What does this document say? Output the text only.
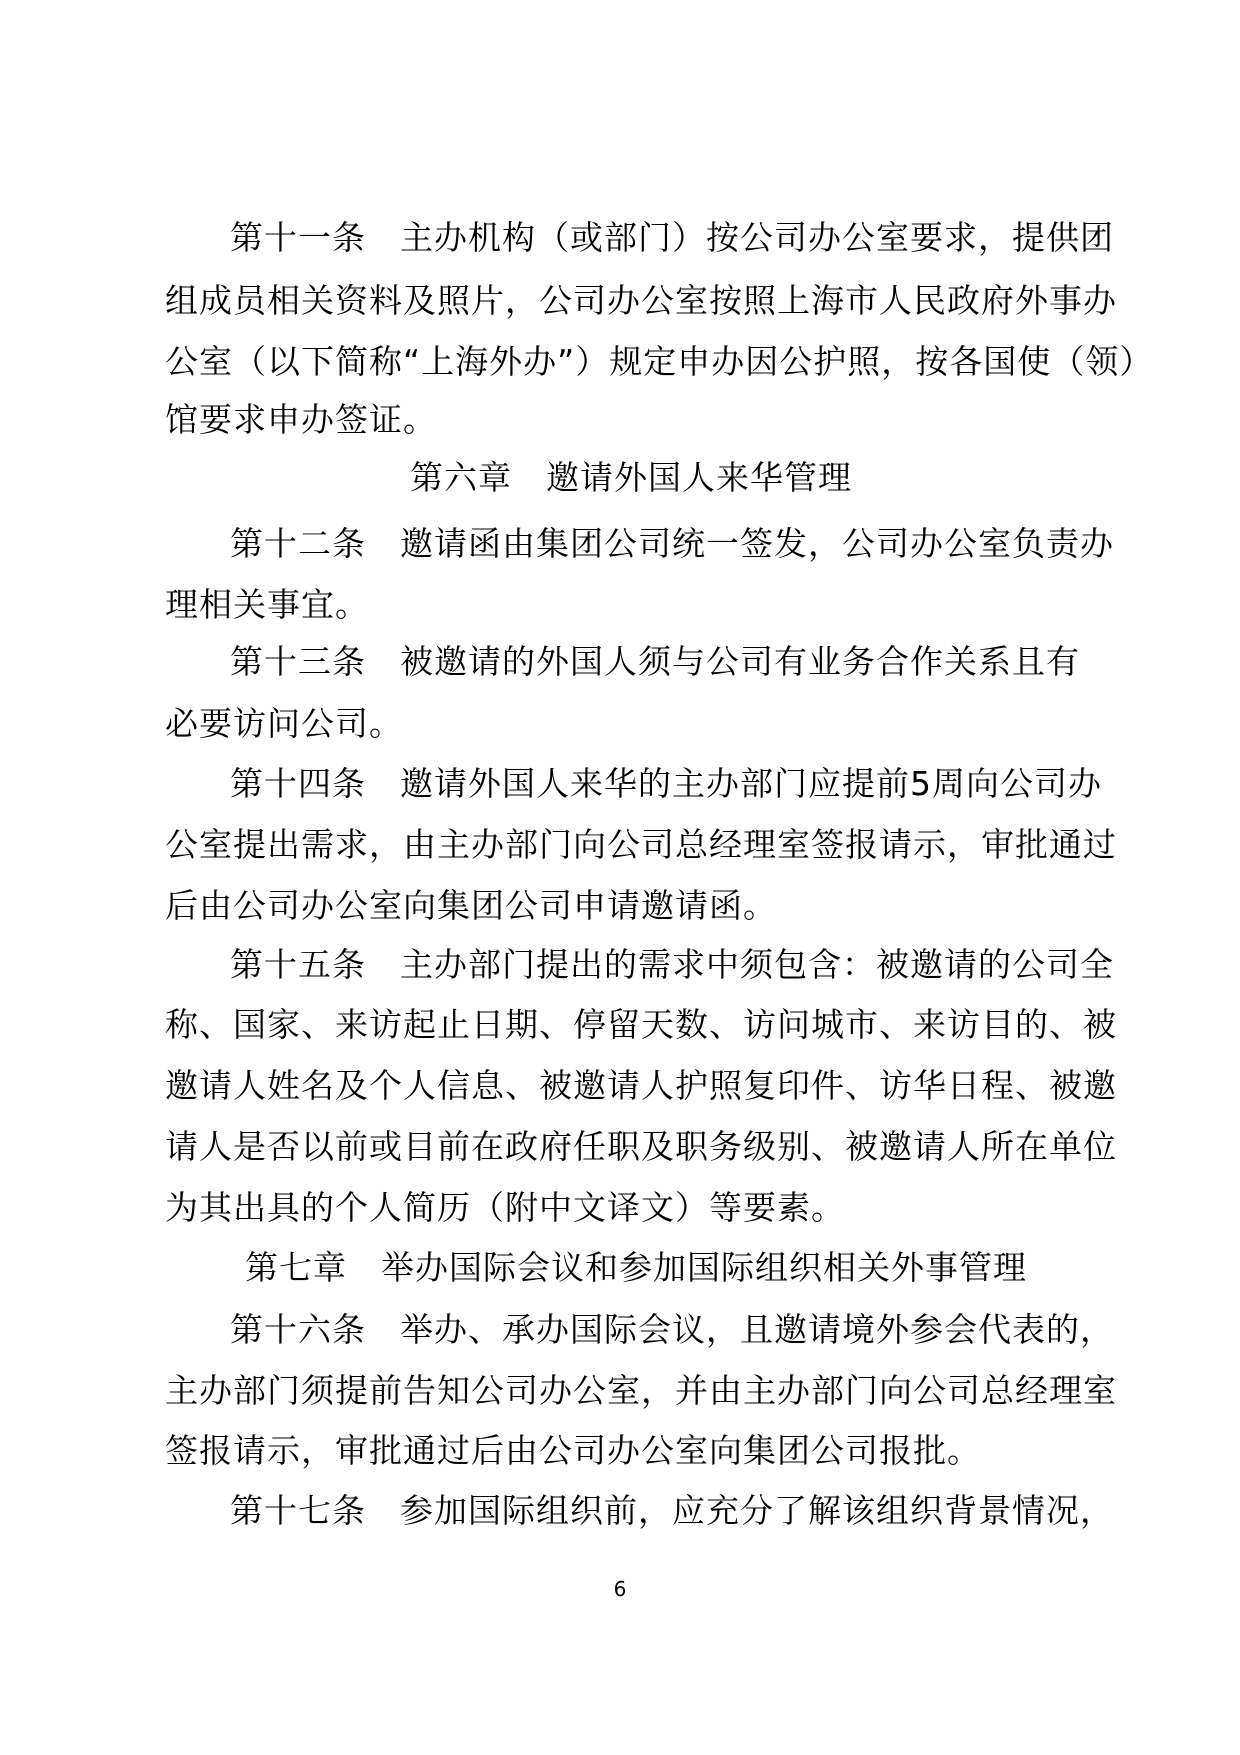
第十一条　主办机构（或部门）按公司办公室要求，提供团
组成员相关资料及照片，公司办公室按照上海市人民政府外事办
公室（以下简称“上海外办”）规定申办因公护照，按各国使（领）
馆要求申办签证。
第六章　邀请外国人来华管理
第十二条　邀请函由集团公司统一签发，公司办公室负责办
理相关事宜。
第十三条　被邀请的外国人须与公司有业务合作关系且有
必要访问公司。
第十四条　邀请外国人来华的主办部门应提前5周向公司办
公室提出需求，由主办部门向公司总经理室签报请示，审批通过
后由公司办公室向集团公司申请邀请函。
第十五条　主办部门提出的需求中须包含：被邀请的公司全
称、国家、来访起止日期、停留天数、访问城市、来访目的、被
邀请人姓名及个人信息、被邀请人护照复印件、访华日程、被邀
请人是否以前或目前在政府任职及职务级别、被邀请人所在单位
为其出具的个人简历（附中文译文）等要素。
第七章　举办国际会议和参加国际组织相关外事管理
第十六条　举办、承办国际会议，且邀请境外参会代表的，
主办部门须提前告知公司办公室，并由主办部门向公司总经理室
签报请示，审批通过后由公司办公室向集团公司报批。
第十七条　参加国际组织前，应充分了解该组织背景情况，
6
